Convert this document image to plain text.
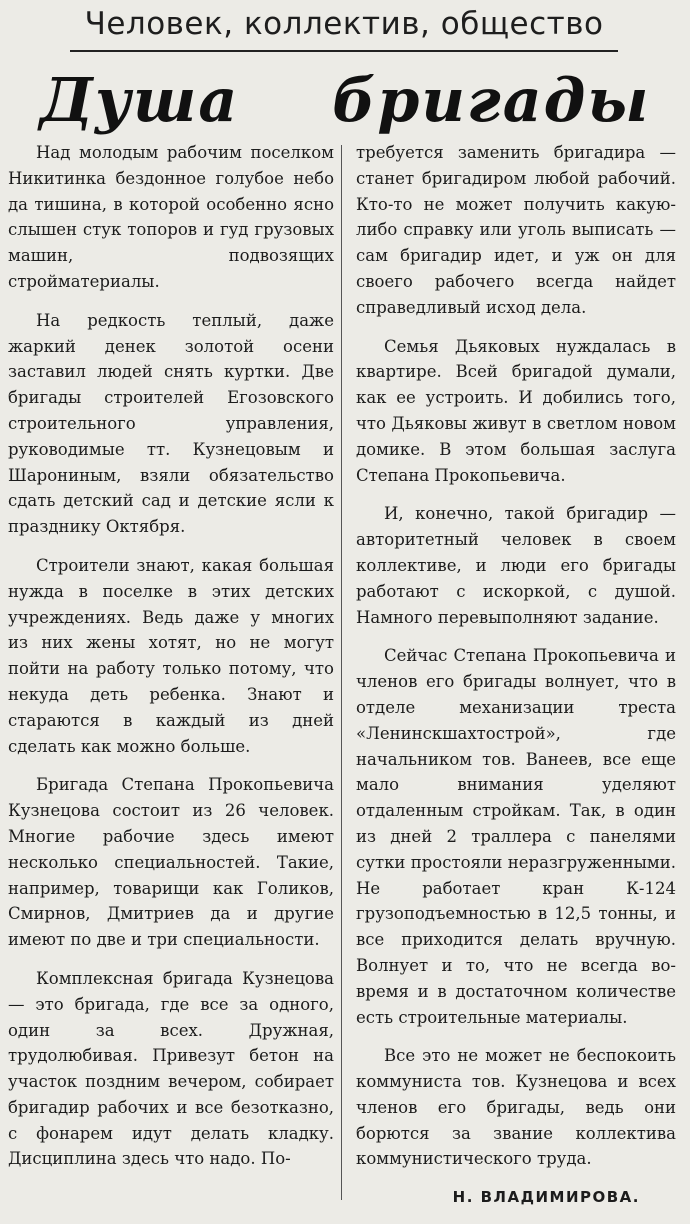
Человек, коллектив, общество
Душа бригады

Над молодым рабочим поселком Никитинка бездонное голубое небо да тишина, в которой особенно ясно слышен стук топоров и гуд грузовых машин, подвозящих стройматериалы.

На редкость теплый, даже жаркий денек золотой осени заставил людей снять куртки. Две бригады строителей Егозовского строительного управления, руководимые тт. Кузнецовым и Шарониным, взяли обязательство сдать детский сад и детские ясли к празднику Октября.

Строители знают, какая большая нужда в поселке в этих детских учреждениях. Ведь даже у многих из них жены хотят, но не могут пойти на работу только потому, что некуда деть ребенка. Знают и стараются в каждый из дней сделать как можно больше.

Бригада Степана Прокопьевича Кузнецова состоит из 26 человек. Многие рабочие здесь имеют несколько специальностей. Такие, например, товарищи как Голиков, Смирнов, Дмитриев да и другие имеют по две и три специальности.

Комплексная бригада Кузнецова — это бригада, где все за одного, один за всех. Дружная, трудолюбивая. Привезут бетон на участок поздним вечером, собирает бригадир рабочих и все безотказно, с фонарем идут делать кладку. Дисциплина здесь что надо. По-

требуется заменить бригадира — станет бригадиром любой рабочий. Кто-то не может получить какую-либо справку или уголь выписать — сам бригадир идет, и уж он для своего рабочего всегда найдет справедливый исход дела.

Семья Дьяковых нуждалась в квартире. Всей бригадой думали, как ее устроить. И добились того, что Дьяковы живут в светлом новом домике. В этом большая заслуга Степана Прокопьевича.

И, конечно, такой бригадир — авторитетный человек в своем коллективе, и люди его бригады работают с искоркой, с душой. Намного перевыполняют задание.

Сейчас Степана Прокопьевича и членов его бригады волнует, что в отделе механизации треста «Ленинскшахтострой», где начальником тов. Ванеев, все еще мало внимания уделяют отдаленным стройкам. Так, в один из дней 2 траллера с панелями сутки простояли неразгруженными. Не работает кран К-124 грузоподъемностью в 12,5 тонны, и все приходится делать вручную. Волнует и то, что не всегда во-время и в достаточном количестве есть строительные материалы.

Все это не может не беспокоить коммуниста тов. Кузнецова и всех членов его бригады, ведь они борются за звание коллектива коммунистического труда.

Н. ВЛАДИМИРОВА.
